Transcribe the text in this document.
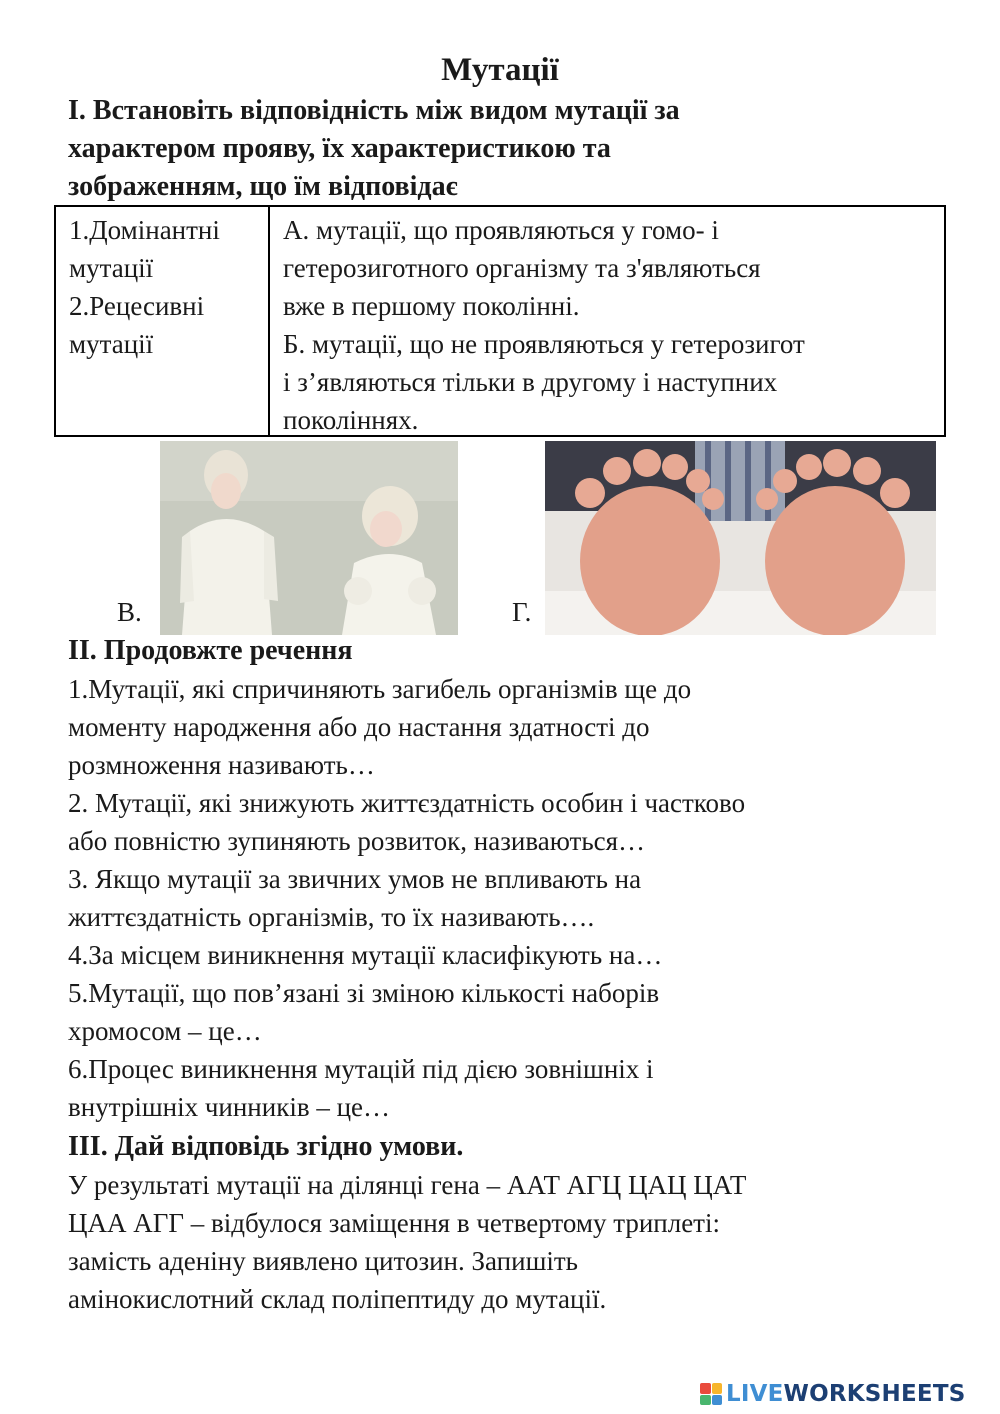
Мутації
І. Встановіть відповідність між видом мутації за
характером прояву, їх характеристикою та
зображенням, що їм відповідає
1.Домінантні
мутації
2.Рецесивні
мутації
А. мутації, що проявляються у гомо- і
гетерозиготного організму та з'являються
вже в першому поколінні.
Б. мутації, що не проявляються у гетерозигот
і з’являються тільки в другому і наступних
поколіннях.
В.	Г.
ІІ. Продовжте речення
1.Мутації, які спричиняють загибель організмів ще до
моменту народження або до настання здатності до
розмноження називають…
2. Мутації, які знижують життєздатність особин і частково
або повністю зупиняють розвиток, називаються…
3. Якщо мутації за звичних умов не впливають на
життєздатність організмів, то їх називають….
4.За місцем виникнення мутації класифікують на…
5.Мутації, що пов’язані зі зміною кількості наборів
хромосом – це…
6.Процес виникнення мутацій під дією зовнішніх і
внутрішніх чинників – це…
ІІІ. Дай відповідь згідно умови.
У результаті мутації на ділянці гена – ААТ АГЦ ЦАЦ ЦАТ
ЦАА АГГ – відбулося заміщення в четвертому триплеті:
замість аденіну виявлено цитозин. Запишіть
амінокислотний склад поліпептиду до мутації.
LIVE WORKSHEETS
